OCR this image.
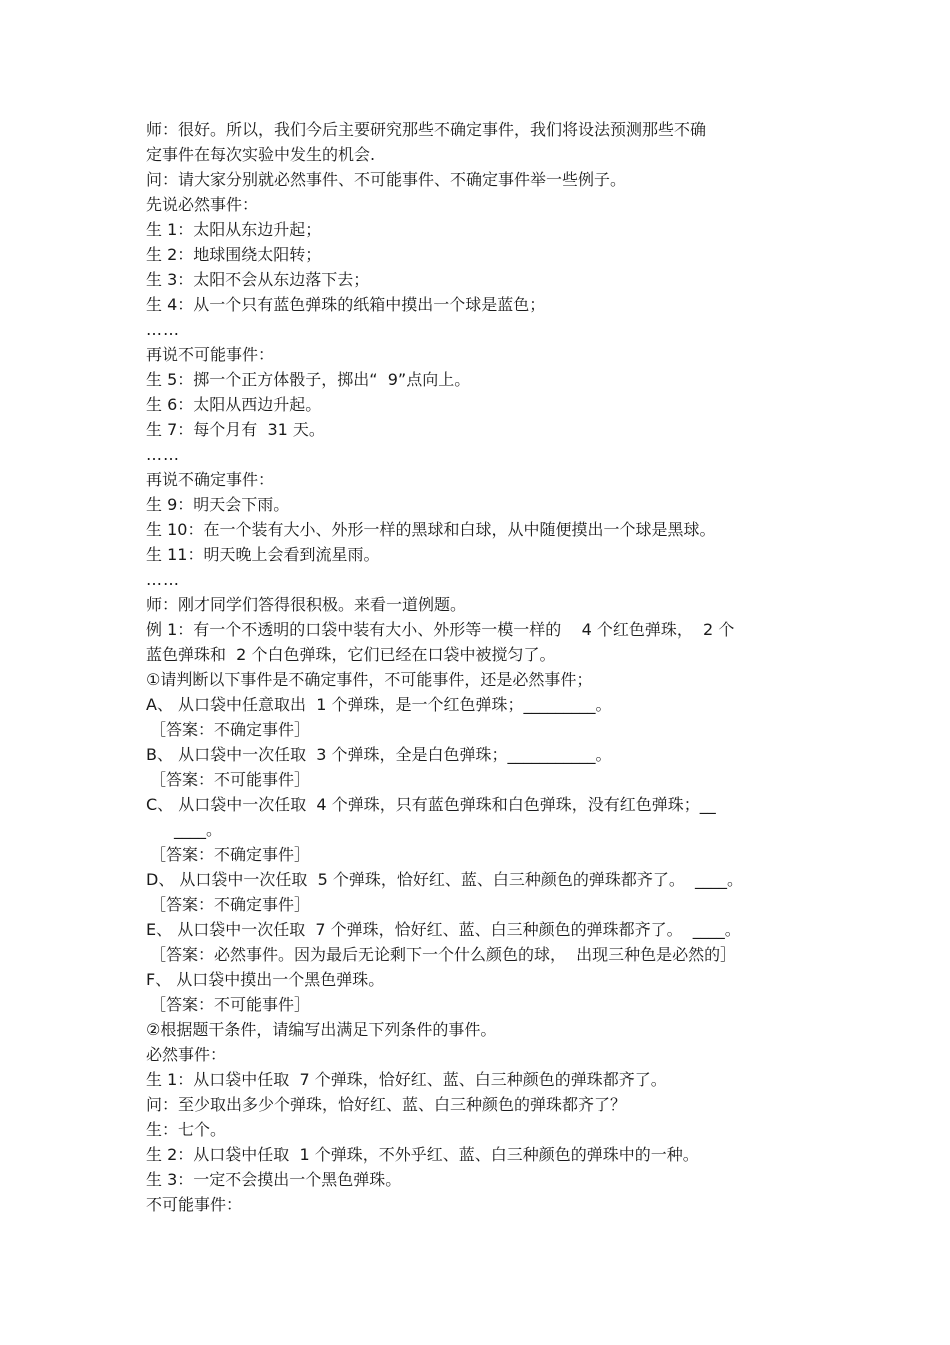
师：很好。所以，我们今后主要研究那些不确定事件，我们将设法预测那些不确
定事件在每次实验中发生的机会.
问：请大家分别就必然事件、不可能事件、不确定事件举一些例子。
先说必然事件：
生 1：太阳从东边升起；
生 2：地球围绕太阳转；
生 3：太阳不会从东边落下去；
生 4：从一个只有蓝色弹珠的纸箱中摸出一个球是蓝色；
……
再说不可能事件：
生 5：掷一个正方体骰子，掷出“  9”点向上。
生 6：太阳从西边升起。
生 7：每个月有  31 天。
……
再说不确定事件：
生 9：明天会下雨。
生 10：在一个装有大小、外形一样的黑球和白球，从中随便摸出一个球是黑球。
生 11：明天晚上会看到流星雨。
……
师：刚才同学们答得很积极。来看一道例题。
例 1：有一个不透明的口袋中装有大小、外形等一模一样的    4 个红色弹珠，  2 个
蓝色弹珠和  2 个白色弹珠，它们已经在口袋中被搅匀了。
①请判断以下事件是不确定事件，不可能事件，还是必然事件；
A、 从口袋中任意取出  1 个弹珠，是一个红色弹珠；_________。
［答案：不确定事件］
B、 从口袋中一次任取  3 个弹珠，全是白色弹珠；___________。
［答案：不可能事件］
C、 从口袋中一次任取  4 个弹珠，只有蓝色弹珠和白色弹珠，没有红色弹珠；__
____。
［答案：不确定事件］
D、 从口袋中一次任取  5 个弹珠，恰好红、蓝、白三种颜色的弹珠都齐了。  ____。
［答案：不确定事件］
E、 从口袋中一次任取  7 个弹珠，恰好红、蓝、白三种颜色的弹珠都齐了。  ____。
［答案：必然事件。因为最后无论剩下一个什么颜色的球，  出现三种色是必然的］
F、 从口袋中摸出一个黑色弹珠。
［答案：不可能事件］
②根据题干条件，请编写出满足下列条件的事件。
必然事件：
生 1：从口袋中任取  7 个弹珠，恰好红、蓝、白三种颜色的弹珠都齐了。
问：至少取出多少个弹珠，恰好红、蓝、白三种颜色的弹珠都齐了？
生：七个。
生 2：从口袋中任取  1 个弹珠，不外乎红、蓝、白三种颜色的弹珠中的一种。
生 3：一定不会摸出一个黑色弹珠。
不可能事件：
